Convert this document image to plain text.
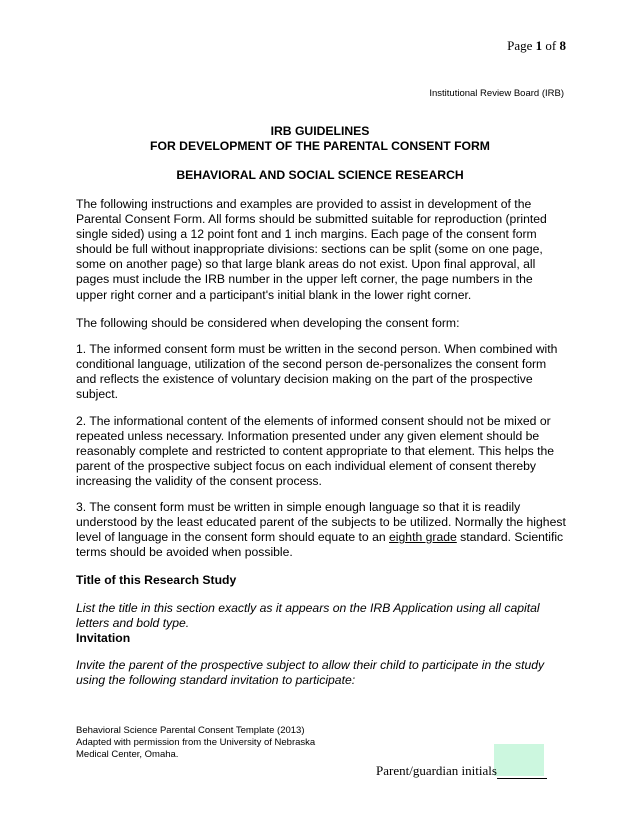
Page 1 of 8
Institutional Review Board (IRB)
IRB GUIDELINES
FOR DEVELOPMENT OF THE PARENTAL CONSENT FORM
BEHAVIORAL AND SOCIAL SCIENCE RESEARCH

The following instructions and examples are provided to assist in development of the Parental Consent Form. All forms should be submitted suitable for reproduction (printed single sided) using a 12 point font and 1 inch margins. Each page of the consent form should be full without inappropriate divisions: sections can be split (some on one page, some on another page) so that large blank areas do not exist. Upon final approval, all pages must include the IRB number in the upper left corner, the page numbers in the upper right corner and a participant's initial blank in the lower right corner.

The following should be considered when developing the consent form:

1. The informed consent form must be written in the second person. When combined with conditional language, utilization of the second person de-personalizes the consent form and reflects the existence of voluntary decision making on the part of the prospective subject.

2. The informational content of the elements of informed consent should not be mixed or repeated unless necessary. Information presented under any given element should be reasonably complete and restricted to content appropriate to that element. This helps the parent of the prospective subject focus on each individual element of consent thereby increasing the validity of the consent process.

3. The consent form must be written in simple enough language so that it is readily understood by the least educated parent of the subjects to be utilized. Normally the highest level of language in the consent form should equate to an eighth grade standard. Scientific terms should be avoided when possible.

Title of this Research Study

List the title in this section exactly as it appears on the IRB Application using all capital letters and bold type.

Invitation

Invite the parent of the prospective subject to allow their child to participate in the study using the following standard invitation to participate:

Behavioral Science Parental Consent Template (2013)
Adapted with permission from the University of Nebraska
Medical Center, Omaha.
Parent/guardian initials
